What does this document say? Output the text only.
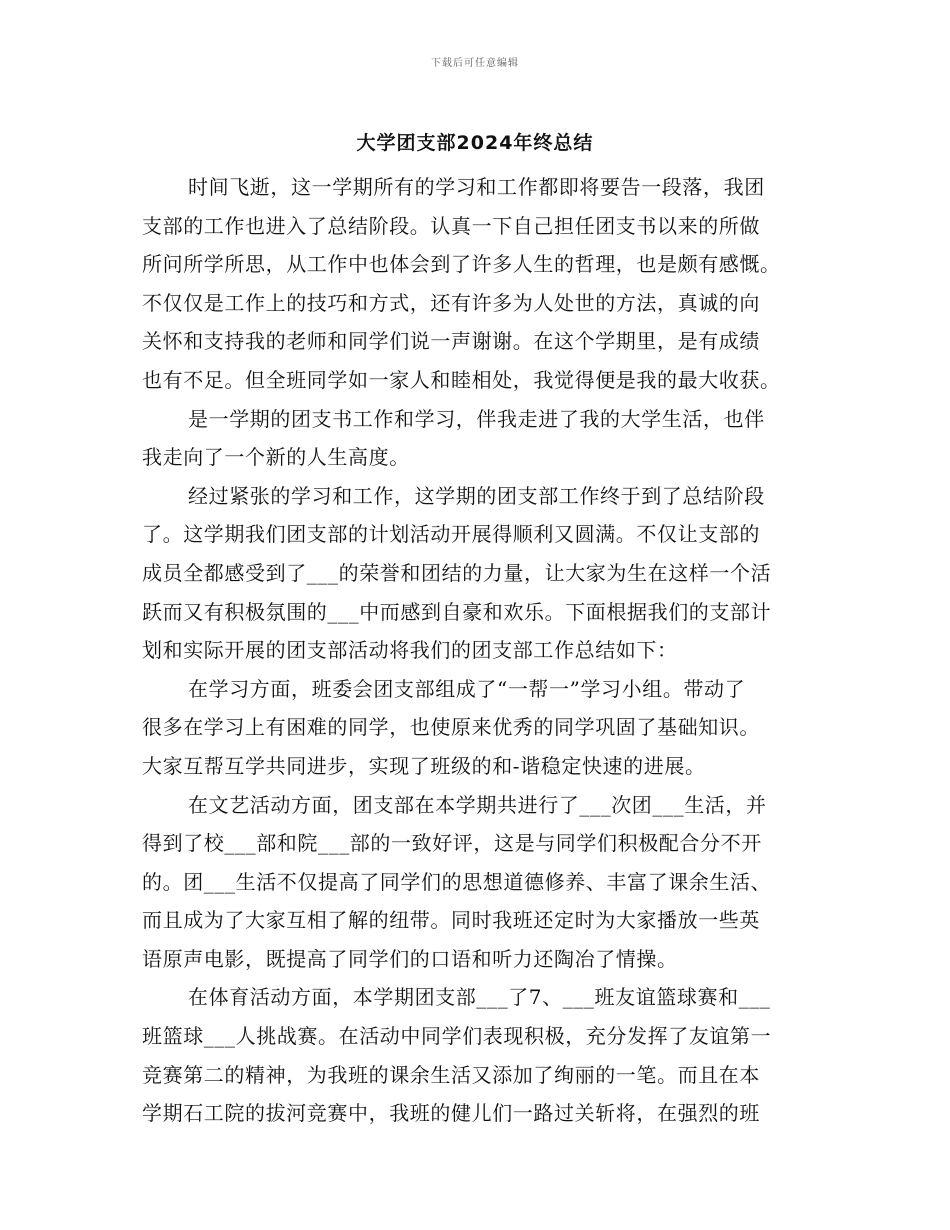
下载后可任意编辑
大学团支部2024年终总结
时间飞逝，这一学期所有的学习和工作都即将要告一段落，我团
支部的工作也进入了总结阶段。认真一下自己担任团支书以来的所做
所问所学所思，从工作中也体会到了许多人生的哲理，也是颇有感慨。
不仅仅是工作上的技巧和方式，还有许多为人处世的方法，真诚的向
关怀和支持我的老师和同学们说一声谢谢。在这个学期里，是有成绩
也有不足。但全班同学如一家人和睦相处，我觉得便是我的最大收获。
是一学期的团支书工作和学习，伴我走进了我的大学生活，也伴
我走向了一个新的人生高度。
经过紧张的学习和工作，这学期的团支部工作终于到了总结阶段
了。这学期我们团支部的计划活动开展得顺利又圆满。不仅让支部的
成员全都感受到了___的荣誉和团结的力量，让大家为生在这样一个活
跃而又有积极氛围的___中而感到自豪和欢乐。下面根据我们的支部计
划和实际开展的团支部活动将我们的团支部工作总结如下：
在学习方面，班委会团支部组成了“一帮一”学习小组。带动了
很多在学习上有困难的同学，也使原来优秀的同学巩固了基础知识。
大家互帮互学共同进步，实现了班级的和-谐稳定快速的进展。
在文艺活动方面，团支部在本学期共进行了___次团___生活，并
得到了校___部和院___部的一致好评，这是与同学们积极配合分不开
的。团___生活不仅提高了同学们的思想道德修养、丰富了课余生活、
而且成为了大家互相了解的纽带。同时我班还定时为大家播放一些英
语原声电影，既提高了同学们的口语和听力还陶冶了情操。
在体育活动方面，本学期团支部___了7、___班友谊篮球赛和___
班篮球___人挑战赛。在活动中同学们表现积极，充分发挥了友谊第一
竞赛第二的精神，为我班的课余生活又添加了绚丽的一笔。而且在本
学期石工院的拔河竞赛中，我班的健儿们一路过关斩将，在强烈的班
